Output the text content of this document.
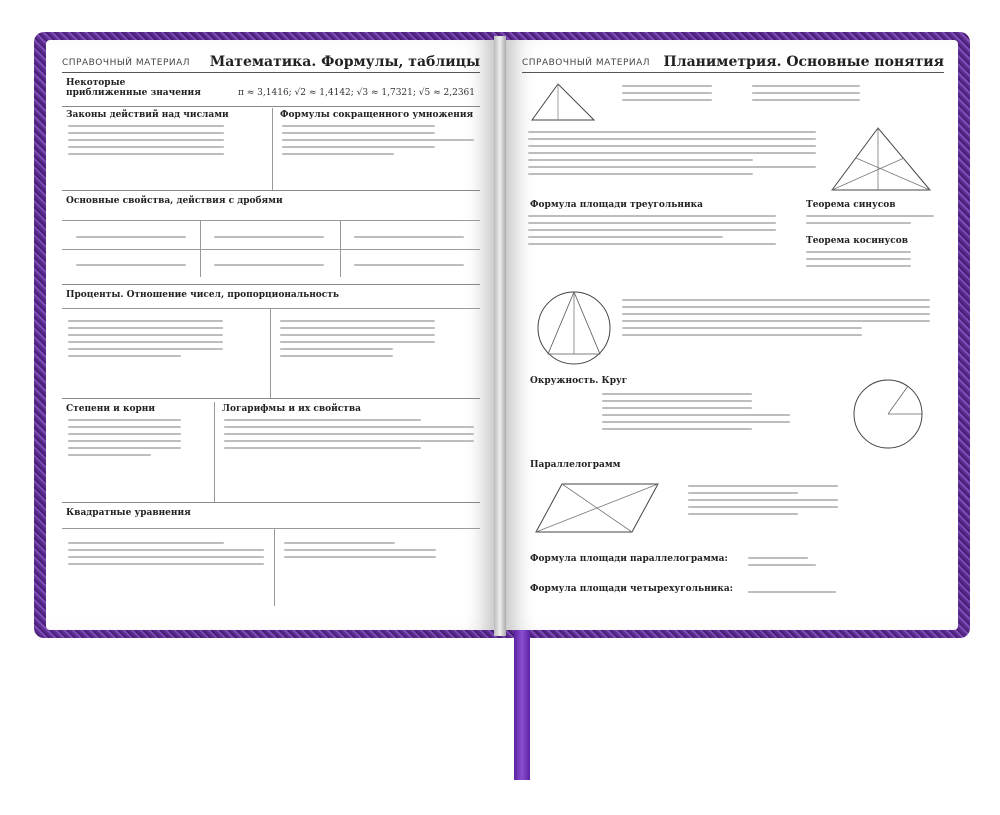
СПРАВОЧНЫЙ МАТЕРИАЛ Математика. Формулы, таблицы
Некоторые приближенные значения	π ≈ 3,1416; √2 ≈ 1,4142; √3 ≈ 1,7321; √5 ≈ 2,2361
Законы действий над числами	Формулы сокращенного умножения
Основные свойства, действия с дробями
Проценты. Отношение чисел, пропорциональность
Степени и корни	Логарифмы и их свойства
Квадратные уравнения
СПРАВОЧНЫЙ МАТЕРИАЛ Планиметрия. Основные понятия
Формула площади треугольника	Теорема синусов
Теорема косинусов
Окружность. Круг
Параллелограмм
Формула площади параллелограмма:
Формула площади четырехугольника:
